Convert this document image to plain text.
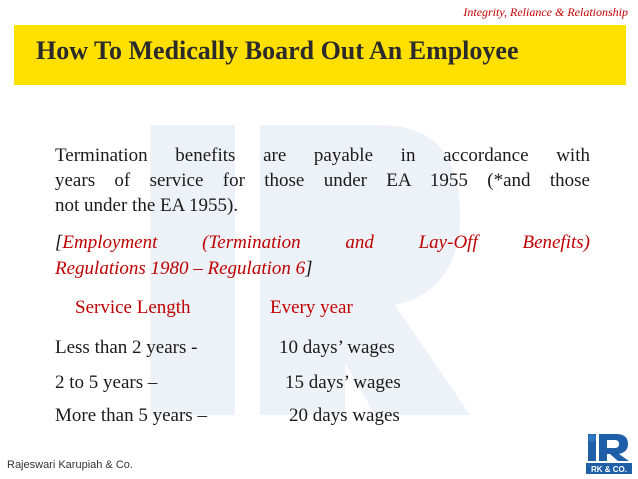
Integrity, Reliance & Relationship
How To Medically Board Out An Employee
Termination benefits are payable in accordance with
years of service for those under EA 1955 (*and those
not under the EA 1955).
[Employment (Termination and Lay-Off Benefits)
Regulations 1980 – Regulation 6]
Service Length	Every year
Less than 2 years -	10 days’ wages
2 to 5 years –	15 days’ wages
More than 5 years –	20 days wages
Rajeswari Karupiah & Co.	RK & CO.
